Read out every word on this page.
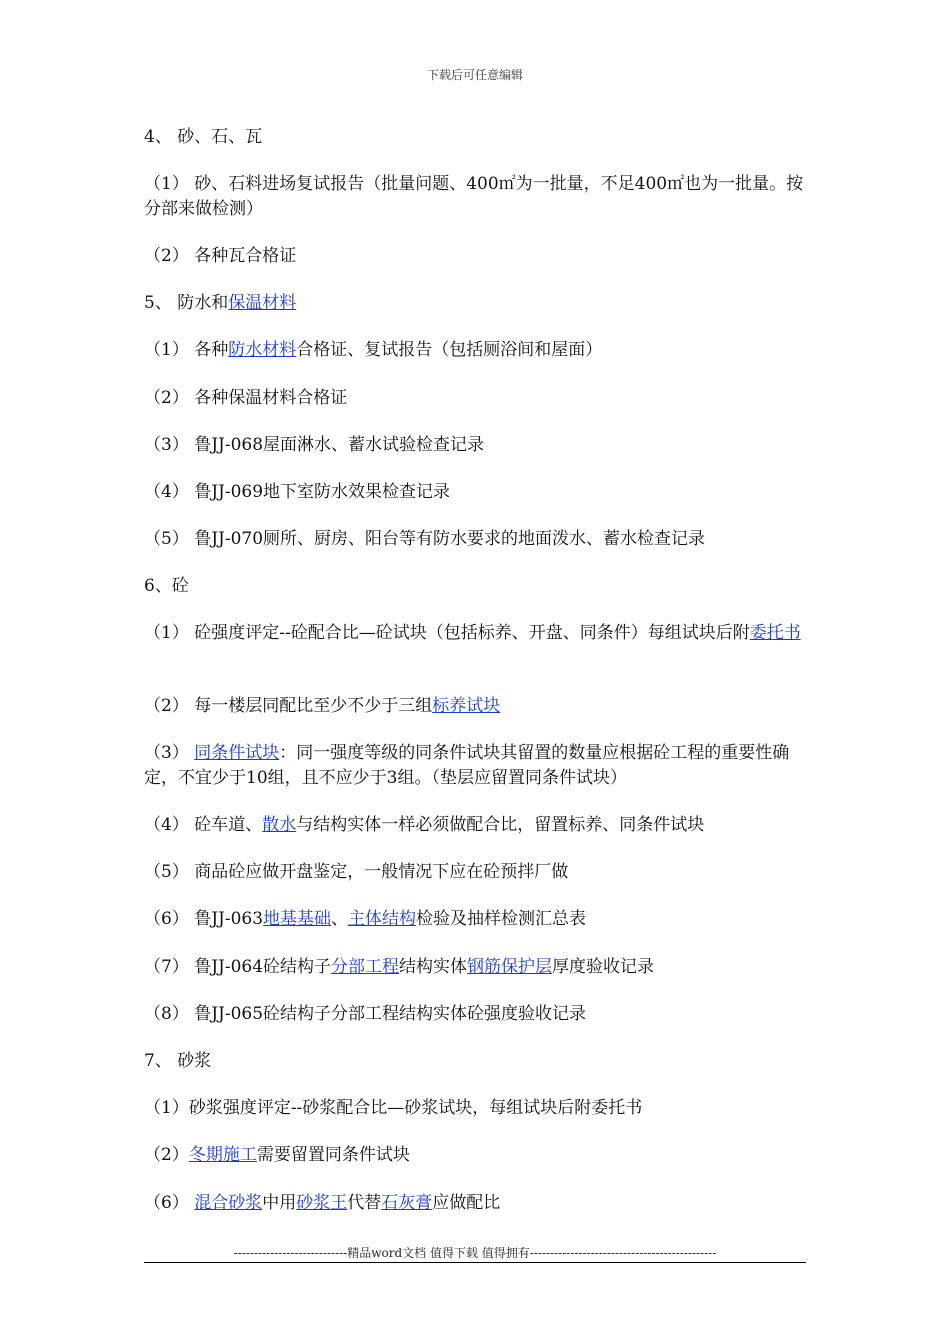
下载后可任意编辑
4、 砂、石、瓦
（1） 砂、石料进场复试报告（批量问题、400㎡为一批量，不足400㎡也为一批量。按分部来做检测）
（2） 各种瓦合格证
5、 防水和保温材料
（1） 各种防水材料合格证、复试报告（包括厕浴间和屋面）
（2） 各种保温材料合格证
（3） 鲁JJ-068屋面淋水、蓄水试验检查记录
（4） 鲁JJ-069地下室防水效果检查记录
（5） 鲁JJ-070厕所、厨房、阳台等有防水要求的地面泼水、蓄水检查记录
6、砼
（1） 砼强度评定--砼配合比—砼试块（包括标养、开盘、同条件）每组试块后附委托书
（2） 每一楼层同配比至少不少于三组标养试块
（3） 同条件试块：同一强度等级的同条件试块其留置的数量应根据砼工程的重要性确定，不宜少于10组，且不应少于3组。（垫层应留置同条件试块）
（4） 砼车道、散水与结构实体一样必须做配合比，留置标养、同条件试块
（5） 商品砼应做开盘鉴定，一般情况下应在砼预拌厂做
（6） 鲁JJ-063地基基础、主体结构检验及抽样检测汇总表
（7） 鲁JJ-064砼结构子分部工程结构实体钢筋保护层厚度验收记录
（8） 鲁JJ-065砼结构子分部工程结构实体砼强度验收记录
7、 砂浆
（1）砂浆强度评定--砂浆配合比—砂浆试块，每组试块后附委托书
（2）冬期施工需要留置同条件试块
（6） 混合砂浆中用砂浆王代替石灰膏应做配比
----------------------------精品word文档 值得下载 值得拥有----------------------------------------------
